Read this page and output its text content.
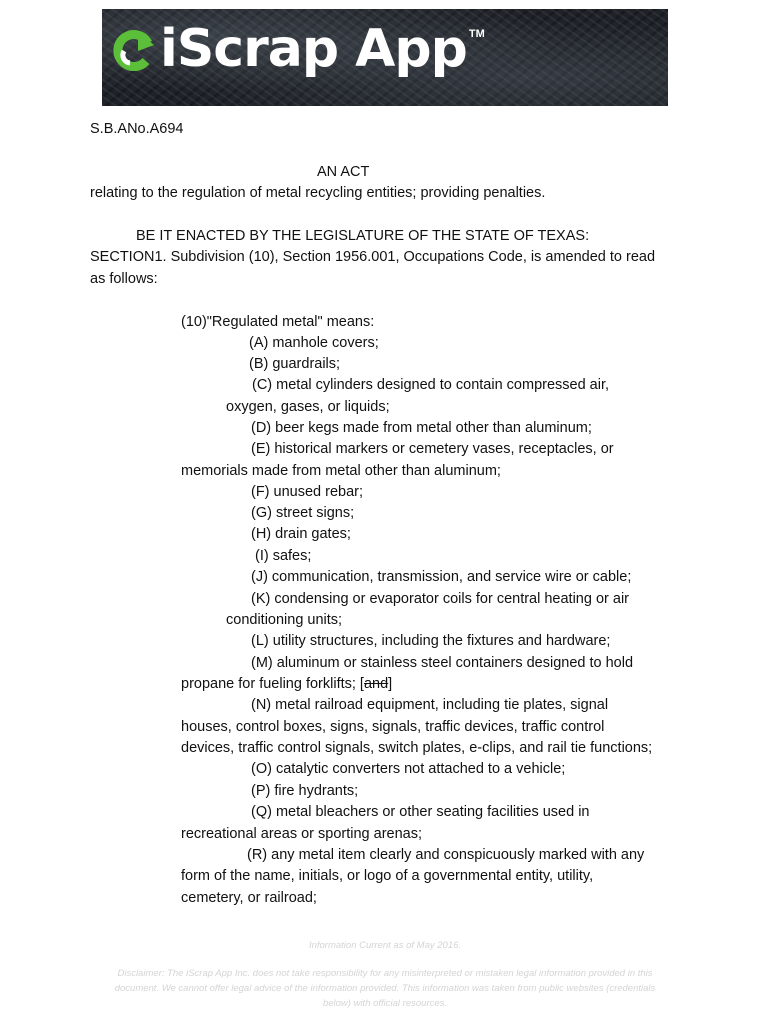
iScrap App TM
S.B.ANo.A694
AN ACT
relating to the regulation of metal recycling entities; providing penalties.
BE IT ENACTED BY THE LEGISLATURE OF THE STATE OF TEXAS:
SECTION1. Subdivision (10), Section 1956.001, Occupations Code, is amended to read
as follows:
(10)"Regulated metal" means:
(A) manhole covers;
(B) guardrails;
(C) metal cylinders designed to contain compressed air,
oxygen, gases, or liquids;
(D) beer kegs made from metal other than aluminum;
(E) historical markers or cemetery vases, receptacles, or
memorials made from metal other than aluminum;
(F) unused rebar;
(G) street signs;
(H) drain gates;
(I) safes;
(J) communication, transmission, and service wire or cable;
(K) condensing or evaporator coils for central heating or air
conditioning units;
(L) utility structures, including the fixtures and hardware;
(M) aluminum or stainless steel containers designed to hold
propane for fueling forklifts; [and]
(N) metal railroad equipment, including tie plates, signal
houses, control boxes, signs, signals, traffic devices, traffic control
devices, traffic control signals, switch plates, e-clips, and rail tie functions;
(O) catalytic converters not attached to a vehicle;
(P) fire hydrants;
(Q) metal bleachers or other seating facilities used in
recreational areas or sporting arenas;
(R) any metal item clearly and conspicuously marked with any
form of the name, initials, or logo of a governmental entity, utility,
cemetery, or railroad;
Information Current as of May 2016.
Disclaimer: The iScrap App Inc. does not take responsibility for any misinterpreted or mistaken legal information provided in this
document. We cannot offer legal advice of the information provided. This information was taken from public websites (credentials
below) with official resources.
